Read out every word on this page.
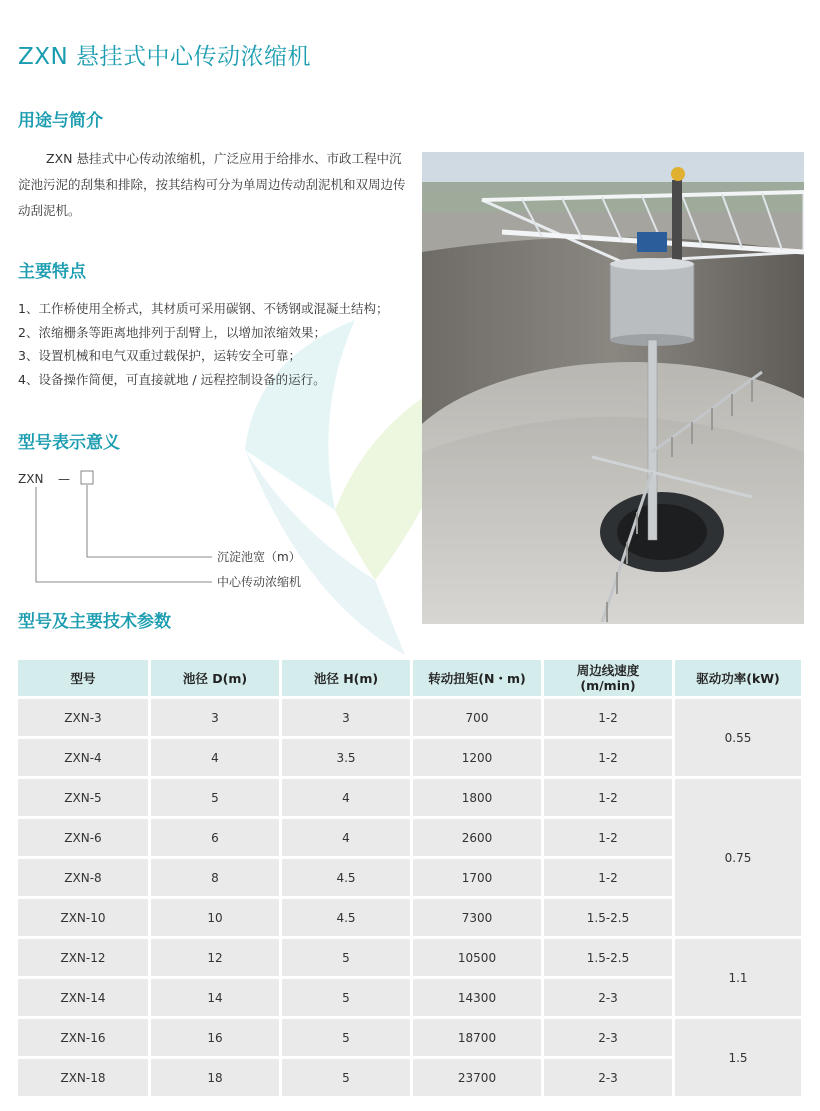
ZXN 悬挂式中心传动浓缩机
用途与简介
ZXN 悬挂式中心传动浓缩机，广泛应用于给排水、市政工程中沉淀池污泥的刮集和排除，按其结构可分为单周边传动刮泥机和双周边传动刮泥机。
主要特点
1、工作桥使用全桥式，其材质可采用碳钢、不锈钢或混凝土结构；
2、浓缩栅条等距离地排列于刮臂上，以增加浓缩效果；
3、设置机械和电气双重过载保护，运转安全可靠；
4、设备操作简便，可直接就地 / 远程控制设备的运行。
型号表示意义
ZXN —
沉淀池宽（m）
中心传动浓缩机
型号及主要技术参数
型号	池径 D(m)	池径 H(m)	转动扭矩(N・m)	周边线速度
(m/min)	驱动功率(kW)
ZXN-3	3	3	700	1-2	0.55
ZXN-4	4	3.5	1200	1-2	
ZXN-5	5	4	1800	1-2	0.75
ZXN-6	6	4	2600	1-2	
ZXN-8	8	4.5	1700	1-2	
ZXN-10	10	4.5	7300	1.5-2.5	
ZXN-12	12	5	10500	1.5-2.5	1.1
ZXN-14	14	5	14300	2-3	
ZXN-16	16	5	18700	2-3	1.5
ZXN-18	18	5	23700	2-3	
